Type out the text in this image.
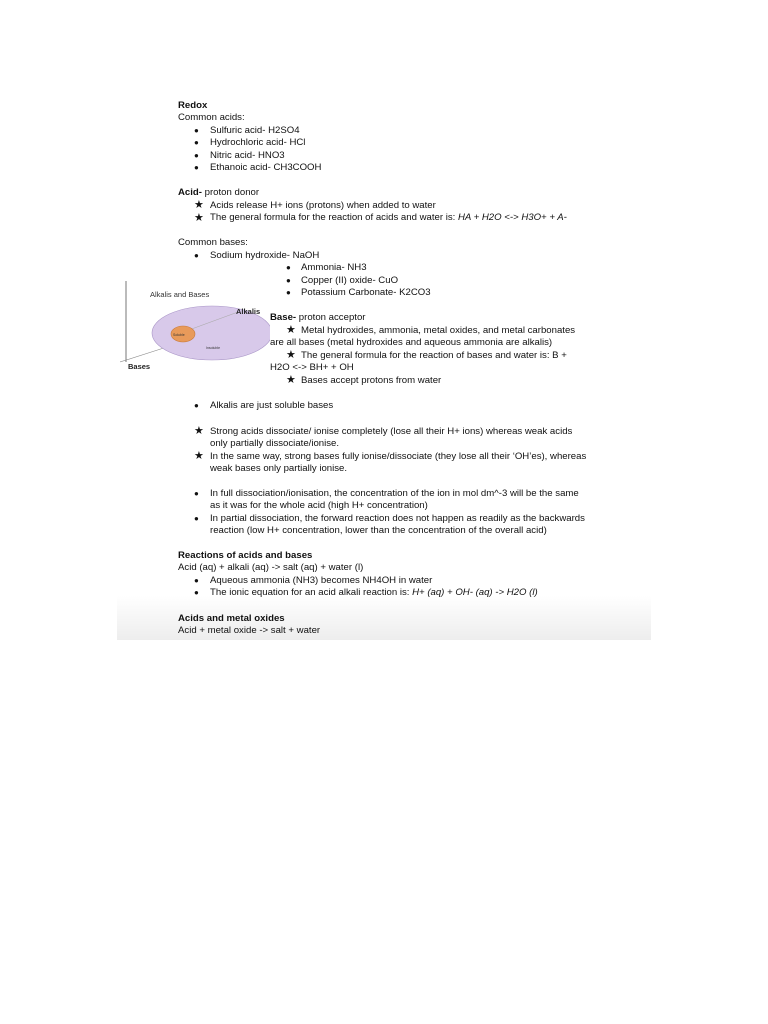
Redox
Common acids:
● Sulfuric acid- H2SO4
● Hydrochloric acid- HCl
● Nitric acid- HNO3
● Ethanoic acid- CH3COOH
Acid- proton donor
★ Acids release H+ ions (protons) when added to water
★ The general formula for the reaction of acids and water is: HA + H2O <-> H3O+ + A-
Common bases:
● Sodium hydroxide- NaOH
● Ammonia- NH3
● Copper (II) oxide- CuO
● Potassium Carbonate- K2CO3
Alkalis and Bases
Alkalis
Bases
Soluble
Insoluble
Base- proton acceptor
★ Metal hydroxides, ammonia, metal oxides, and metal carbonates
are all bases (metal hydroxides and aqueous ammonia are alkalis)
★ The general formula for the reaction of bases and water is: B +
H2O <-> BH+ + OH
★ Bases accept protons from water
● Alkalis are just soluble bases
★ Strong acids dissociate/ ionise completely (lose all their H+ ions) whereas weak acids
only partially dissociate/ionise.
★ In the same way, strong bases fully ionise/dissociate (they lose all their ‘OH’es), whereas
weak bases only partially ionise.
● In full dissociation/ionisation, the concentration of the ion in mol dm^-3 will be the same
as it was for the whole acid (high H+ concentration)
● In partial dissociation, the forward reaction does not happen as readily as the backwards
reaction (low H+ concentration, lower than the concentration of the overall acid)
Reactions of acids and bases
Acid (aq) + alkali (aq) -> salt (aq) + water (l)
● Aqueous ammonia (NH3) becomes NH4OH in water
● The ionic equation for an acid alkali reaction is: H+ (aq) + OH- (aq) -> H2O (l)
Acids and metal oxides
Acid + metal oxide -> salt + water
